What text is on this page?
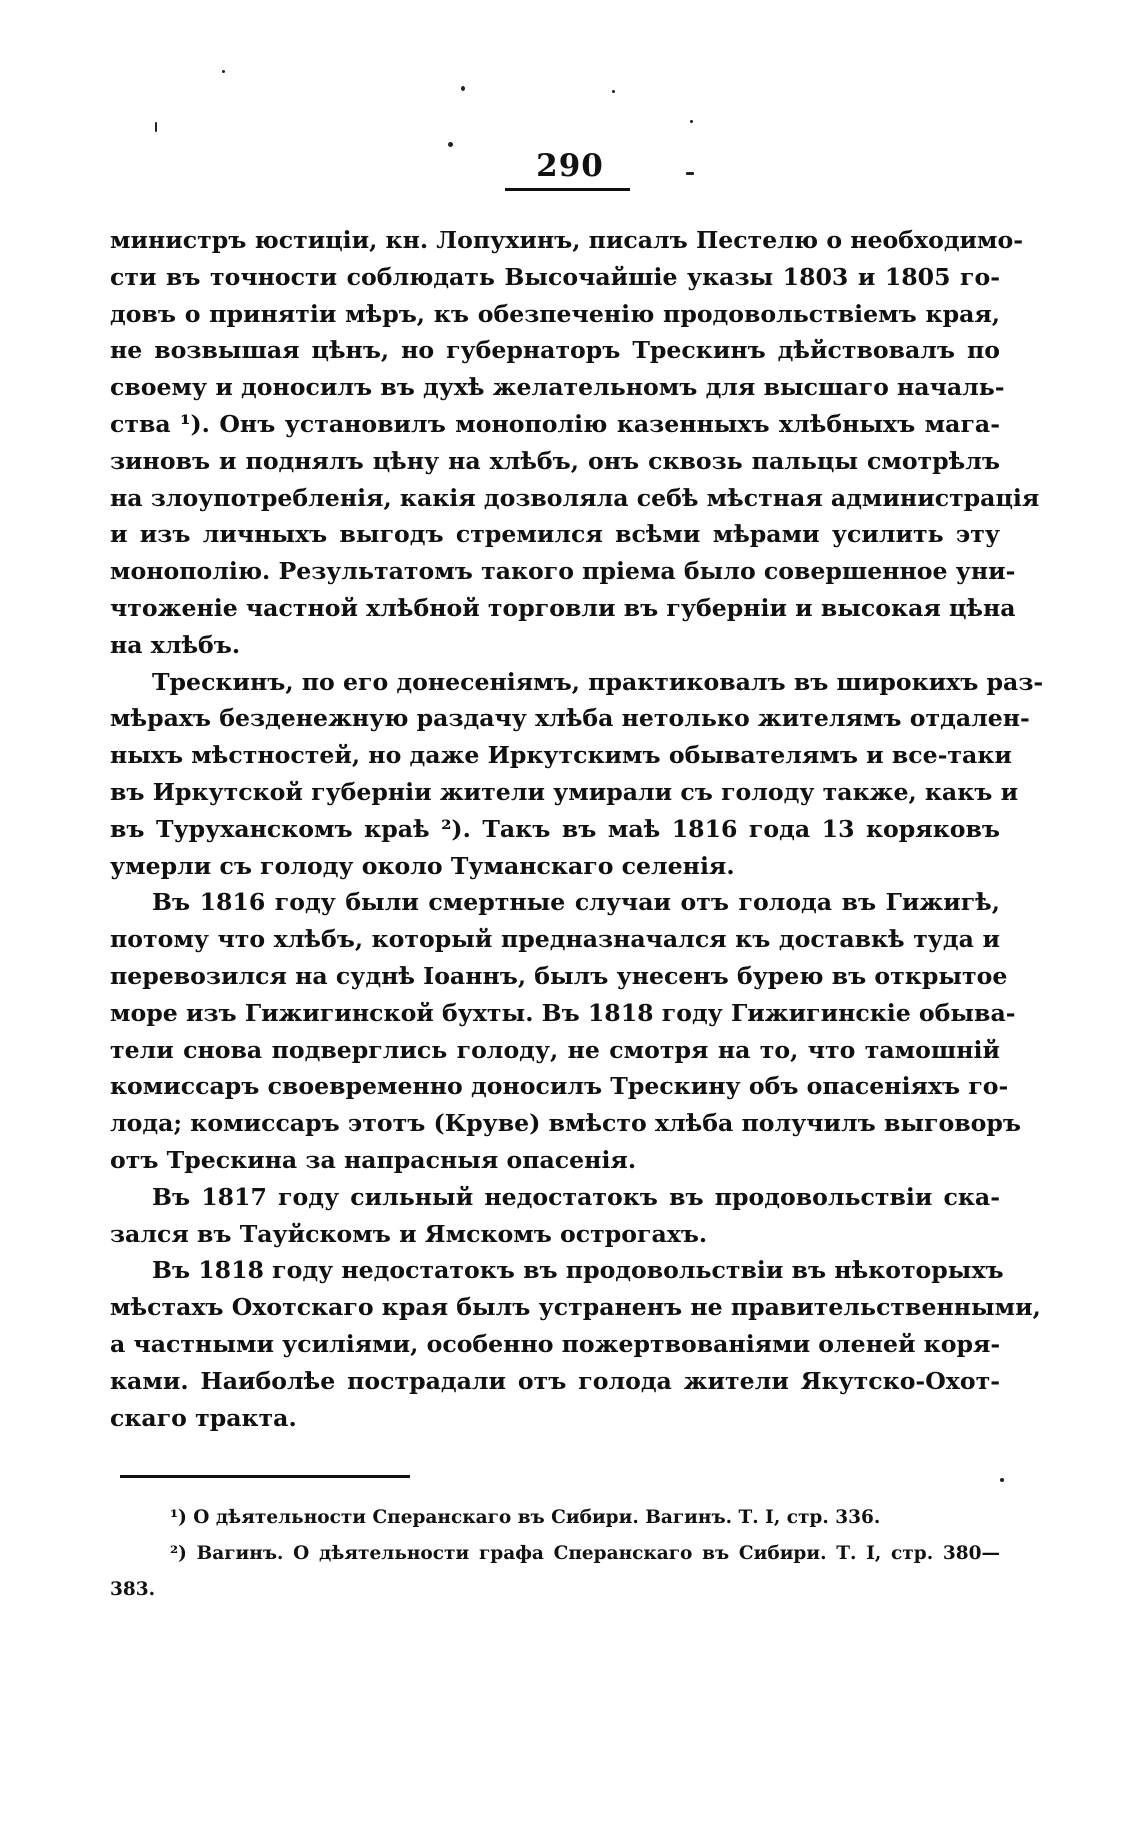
290
министръ юстиціи, кн. Лопухинъ, писалъ Пестелю о необходимо-
сти въ точности соблюдать Высочайшіе указы 1803 и 1805 го-
довъ о принятіи мѣръ, къ обезпеченію продовольствіемъ края,
не возвышая цѣнъ, но губернаторъ Трескинъ дѣйствовалъ по
своему и доносилъ въ духѣ желательномъ для высшаго началь-
ства ¹). Онъ установилъ монополію казенныхъ хлѣбныхъ мага-
зиновъ и поднялъ цѣну на хлѣбъ, онъ сквозь пальцы смотрѣлъ
на злоупотребленія, какія дозволяла себѣ мѣстная администрація
и изъ личныхъ выгодъ стремился всѣми мѣрами усилить эту
монополію. Результатомъ такого пріема было совершенное уни-
чтоженіе частной хлѣбной торговли въ губерніи и высокая цѣна
на хлѣбъ.
Трескинъ, по его донесеніямъ, практиковалъ въ широкихъ раз-
мѣрахъ безденежную раздачу хлѣба нетолько жителямъ отдален-
ныхъ мѣстностей, но даже Иркутскимъ обывателямъ и все-таки
въ Иркутской губерніи жители умирали съ голоду также, какъ и
въ Туруханскомъ краѣ ²). Такъ въ маѣ 1816 года 13 коряковъ
умерли съ голоду около Туманскаго селенія.
Въ 1816 году были смертные случаи отъ голода въ Гижигѣ,
потому что хлѣбъ, который предназначался къ доставкѣ туда и
перевозился на суднѣ Іоаннъ, былъ унесенъ бурею въ открытое
море изъ Гижигинской бухты. Въ 1818 году Гижигинскіе обыва-
тели снова подверглись голоду, не смотря на то, что тамошній
комиссаръ своевременно доносилъ Трескину объ опасеніяхъ го-
лода; комиссаръ этотъ (Круве) вмѣсто хлѣба получилъ выговоръ
отъ Трескина за напрасныя опасенія.
Въ 1817 году сильный недостатокъ въ продовольствіи ска-
зался въ Тауйскомъ и Ямскомъ острогахъ.
Въ 1818 году недостатокъ въ продовольствіи въ нѣкоторыхъ
мѣстахъ Охотскаго края былъ устраненъ не правительственными,
а частными усиліями, особенно пожертвованіями оленей коря-
ками. Наиболѣе пострадали отъ голода жители Якутско-Охот-
скаго тракта.
¹) О дѣятельности Сперанскаго въ Сибири. Вагинъ. Т. I, стр. 336.
²) Вагинъ. О дѣятельности графа Сперанскаго въ Сибири. Т. I, стр. 380—
383.
